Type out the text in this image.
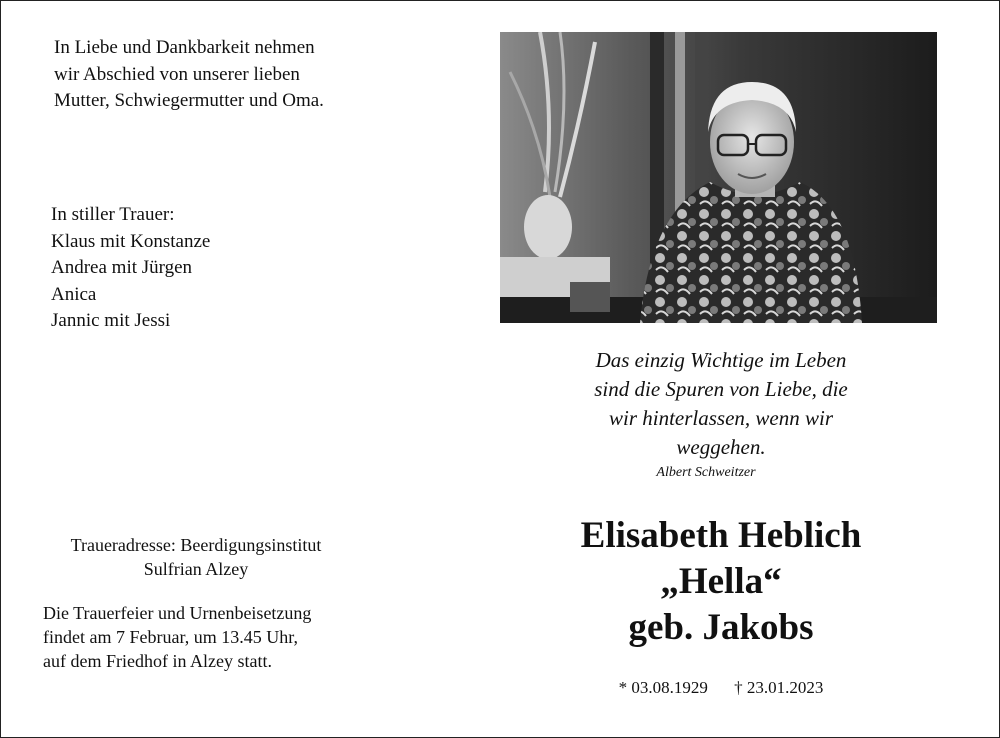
In Liebe und Dankbarkeit nehmen
wir Abschied von unserer lieben
Mutter, Schwiegermutter und Oma.
In stiller Trauer:
Klaus mit Konstanze
Andrea mit Jürgen
Anica
Jannic mit Jessi
Traueradresse: Beerdigungsinstitut
Sulfrian Alzey
Die Trauerfeier und Urnenbeisetzung
findet am 7 Februar, um 13.45 Uhr,
auf dem Friedhof in Alzey statt.
Das einzig Wichtige im Leben
sind die Spuren von Liebe, die
wir hinterlassen, wenn wir
weggehen.
Albert Schweitzer
Elisabeth Heblich
„Hella“
geb. Jakobs
* 03.08.1929 † 23.01.2023
